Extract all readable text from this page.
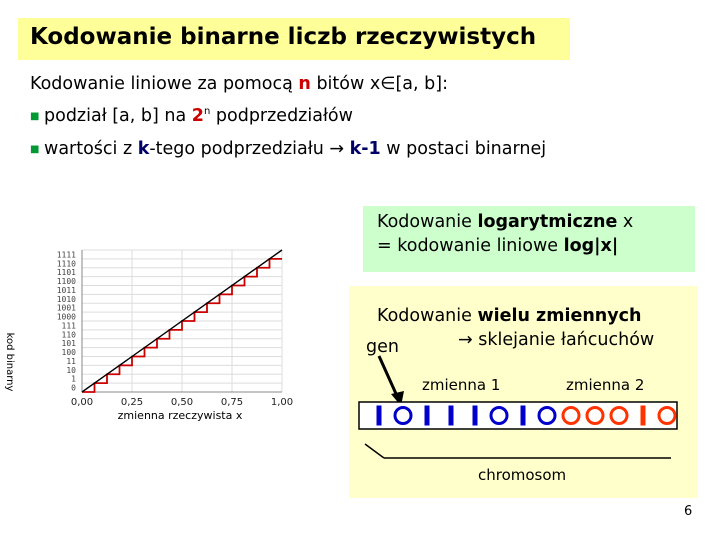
Kodowanie binarne liczb rzeczywistych
Kodowanie liniowe za pomocą n bitów x∈[a, b]:
■ podział [a, b] na 2$^n$ podprzedziałów
■ wartości z k-tego podprzedziału → k-1 w postaci binarnej
Kodowanie logarytmiczne x
= kodowanie liniowe log|x|
Kodowanie wielu zmiennych
→ sklejanie łańcuchów
gen
zmienna 1	zmienna 2
chromosom
0
1
10
11
100
101
110
111
1000
1001
1010
1011
1100
1101
1110
1111
0,00	0,25	0,50	0,75	1,00
zmienna rzeczywista x
kod binarny
6
